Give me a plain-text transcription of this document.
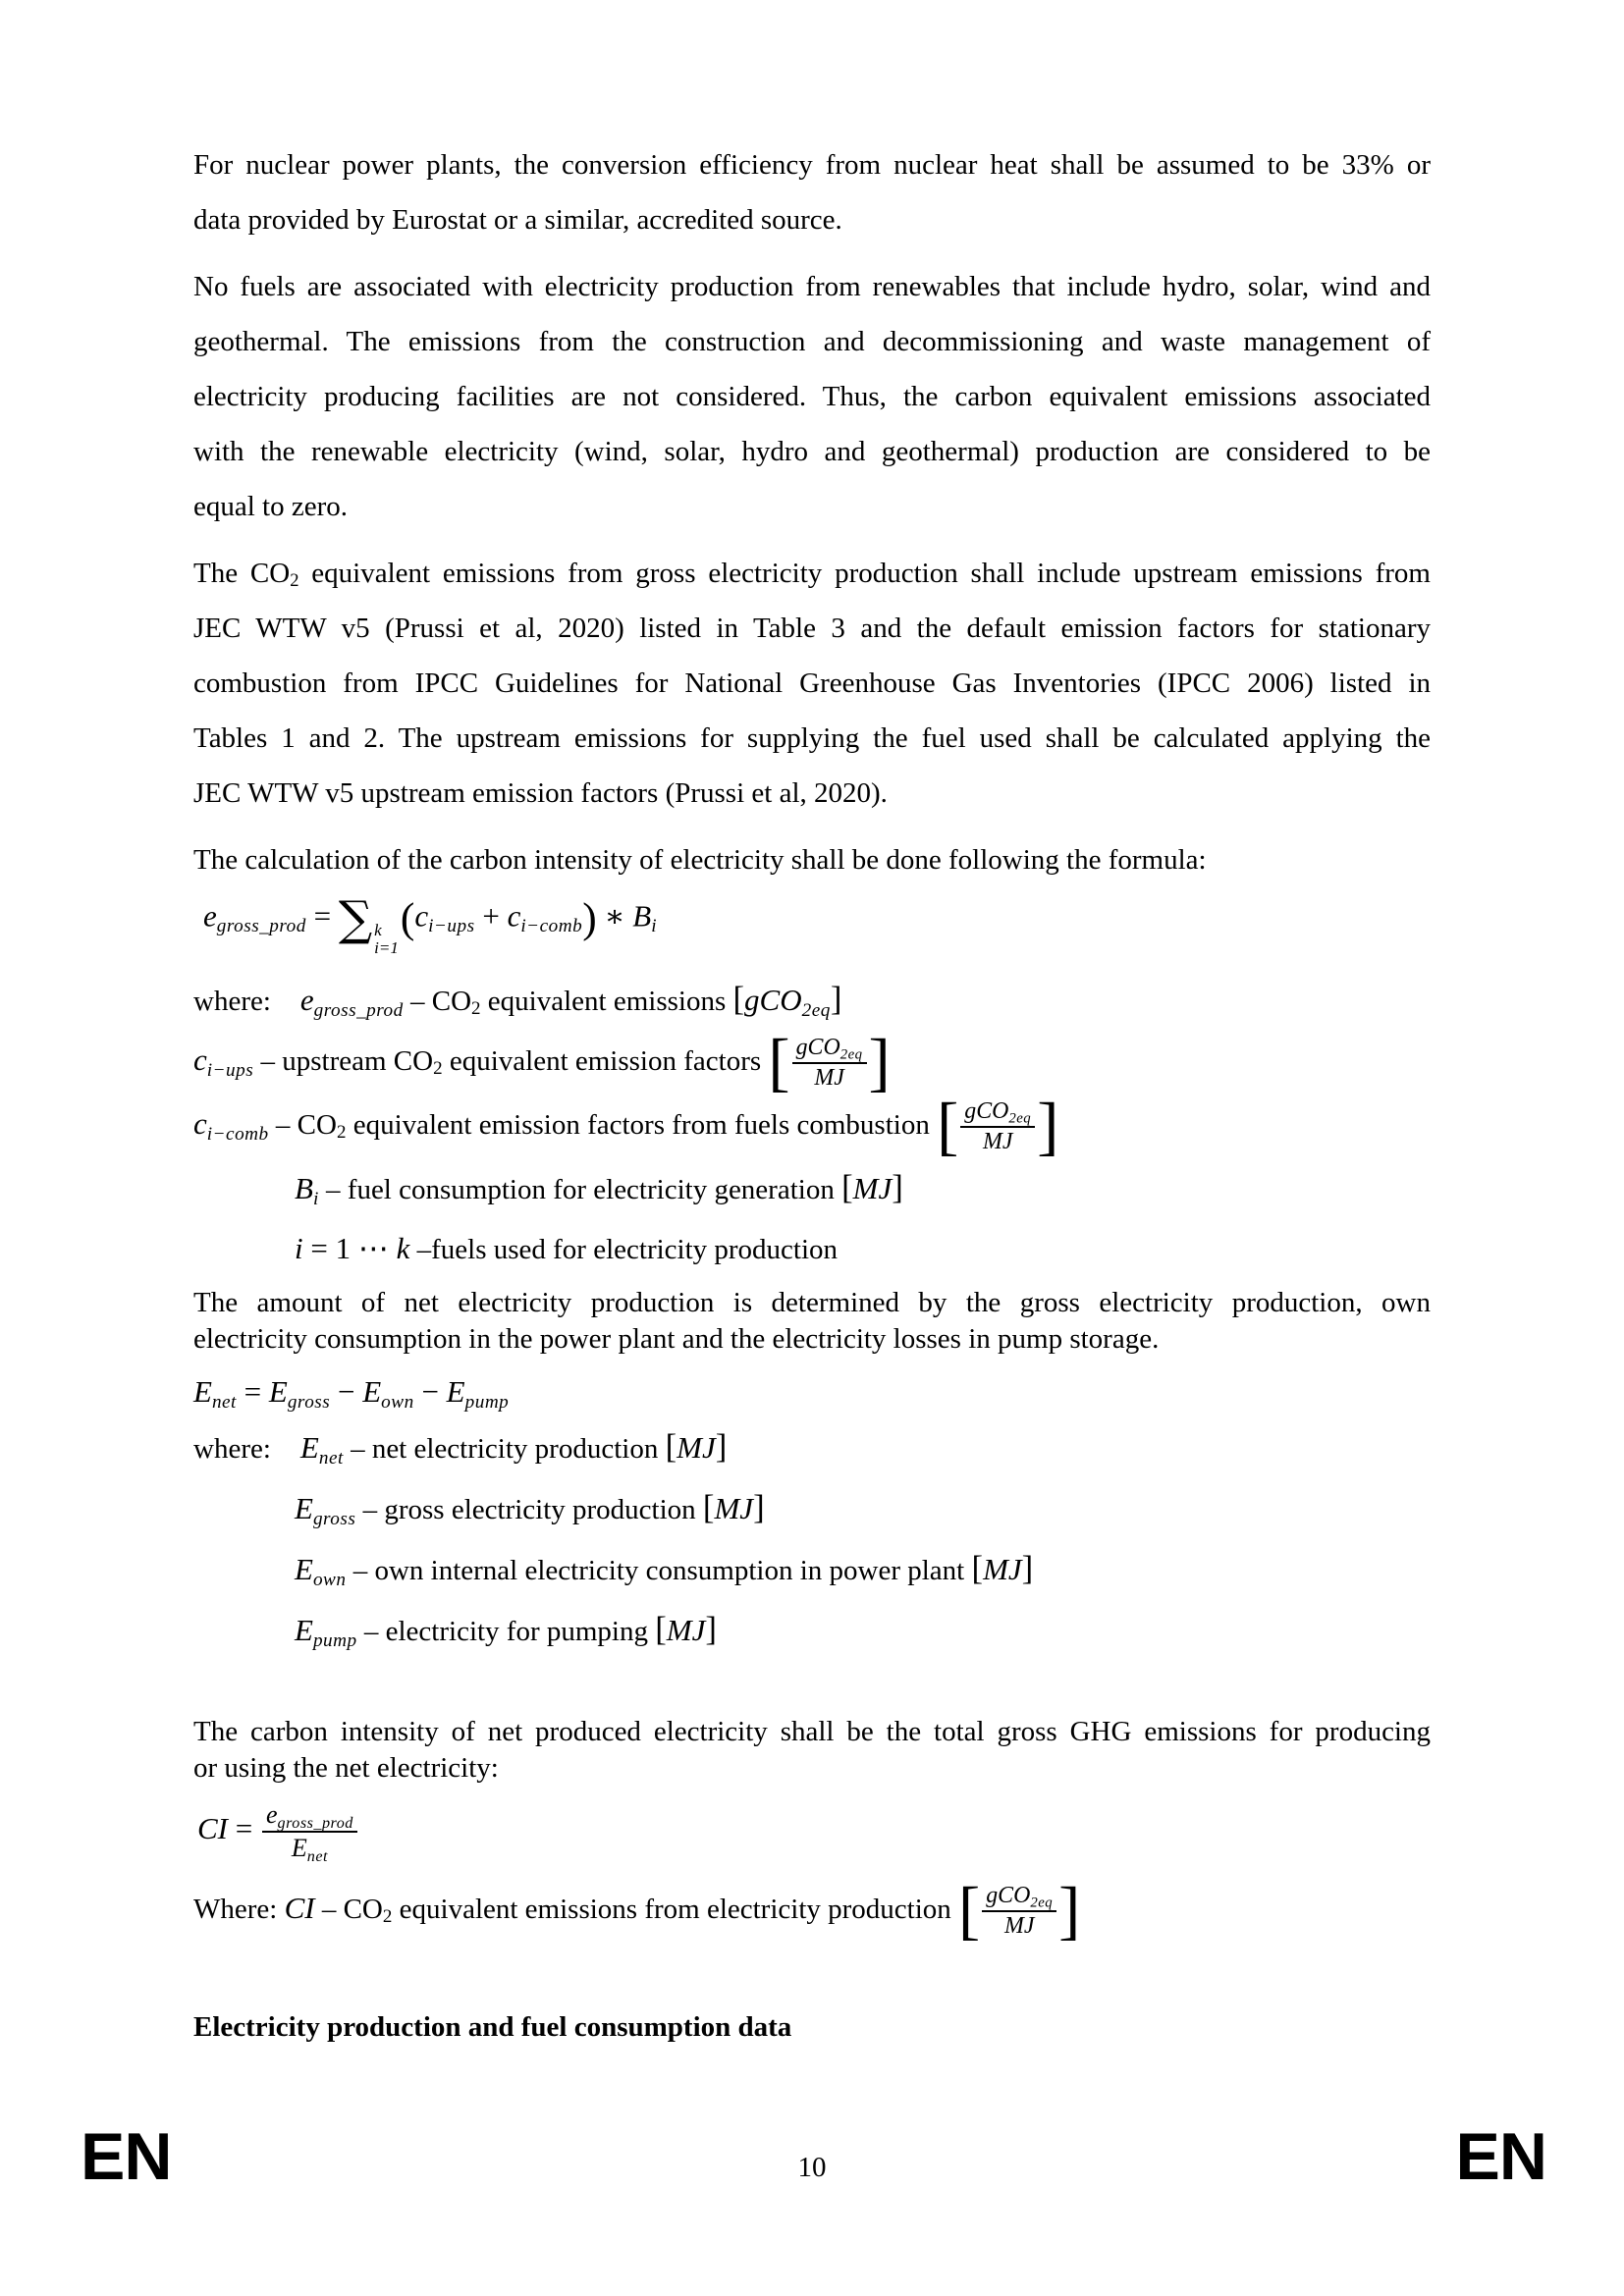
For nuclear power plants, the conversion efficiency from nuclear heat shall be assumed to be 33% or
data provided by Eurostat or a similar, accredited source.
No fuels are associated with electricity production from renewables that include hydro, solar, wind and
geothermal. The emissions from the construction and decommissioning and waste management of
electricity producing facilities are not considered. Thus, the carbon equivalent emissions associated
with the renewable electricity (wind, solar, hydro and geothermal) production are considered to be
equal to zero.
The $CO_2$ equivalent emissions from gross electricity production shall include upstream emissions from
JEC WTW v5 (Prussi et al, 2020) listed in Table 3 and the default emission factors for stationary
combustion from IPCC Guidelines for National Greenhouse Gas Inventories (IPCC 2006) listed in
Tables 1 and 2. The upstream emissions for supplying the fuel used shall be calculated applying the
JEC WTW v5 upstream emission factors (Prussi et al, 2020).
The calculation of the carbon intensity of electricity shall be done following the formula:
$e_{gross\_prod}$ = ∑ k
i=1
$(c_{i-ups} + c_{i-comb})$ ∗ $B_i$
where: $e_{gross\_prod} - CO_2$ equivalent emissions [gCO$_{2eq}$]
$c_{i-ups}$ – upstream $CO_2$ equivalent emission factors [ $\frac{gCO_{2eq}}{MJ}$ ]
$c_{i-comb} - CO_2$ equivalent emission factors from fuels combustion [ $\frac{gCO_{2eq}}{MJ}$ ]
$B_i$ – fuel consumption for electricity generation [MJ]
i = 1 ⋯ k –fuels used for electricity production
The amount of net electricity production is determined by the gross electricity production, own
electricity consumption in the power plant and the electricity losses in pump storage.
$E_{net} = E_{gross} - E_{own} - E_{pump}$
where: $E_{net}$ – net electricity production [MJ]
$E_{gross}$ – gross electricity production [MJ]
$E_{own}$ – own internal electricity consumption in power plant [MJ]
$E_{pump}$ – electricity for pumping [MJ]
The carbon intensity of net produced electricity shall be the total gross GHG emissions for producing
or using the net electricity:
CI = $\frac{e_{gross\_prod}}{E_{net}}$
Where: CI – $CO_2$ equivalent emissions from electricity production [ $\frac{gCO_{2eq}}{MJ}$ ]
Electricity production and fuel consumption data
EN	10	EN
